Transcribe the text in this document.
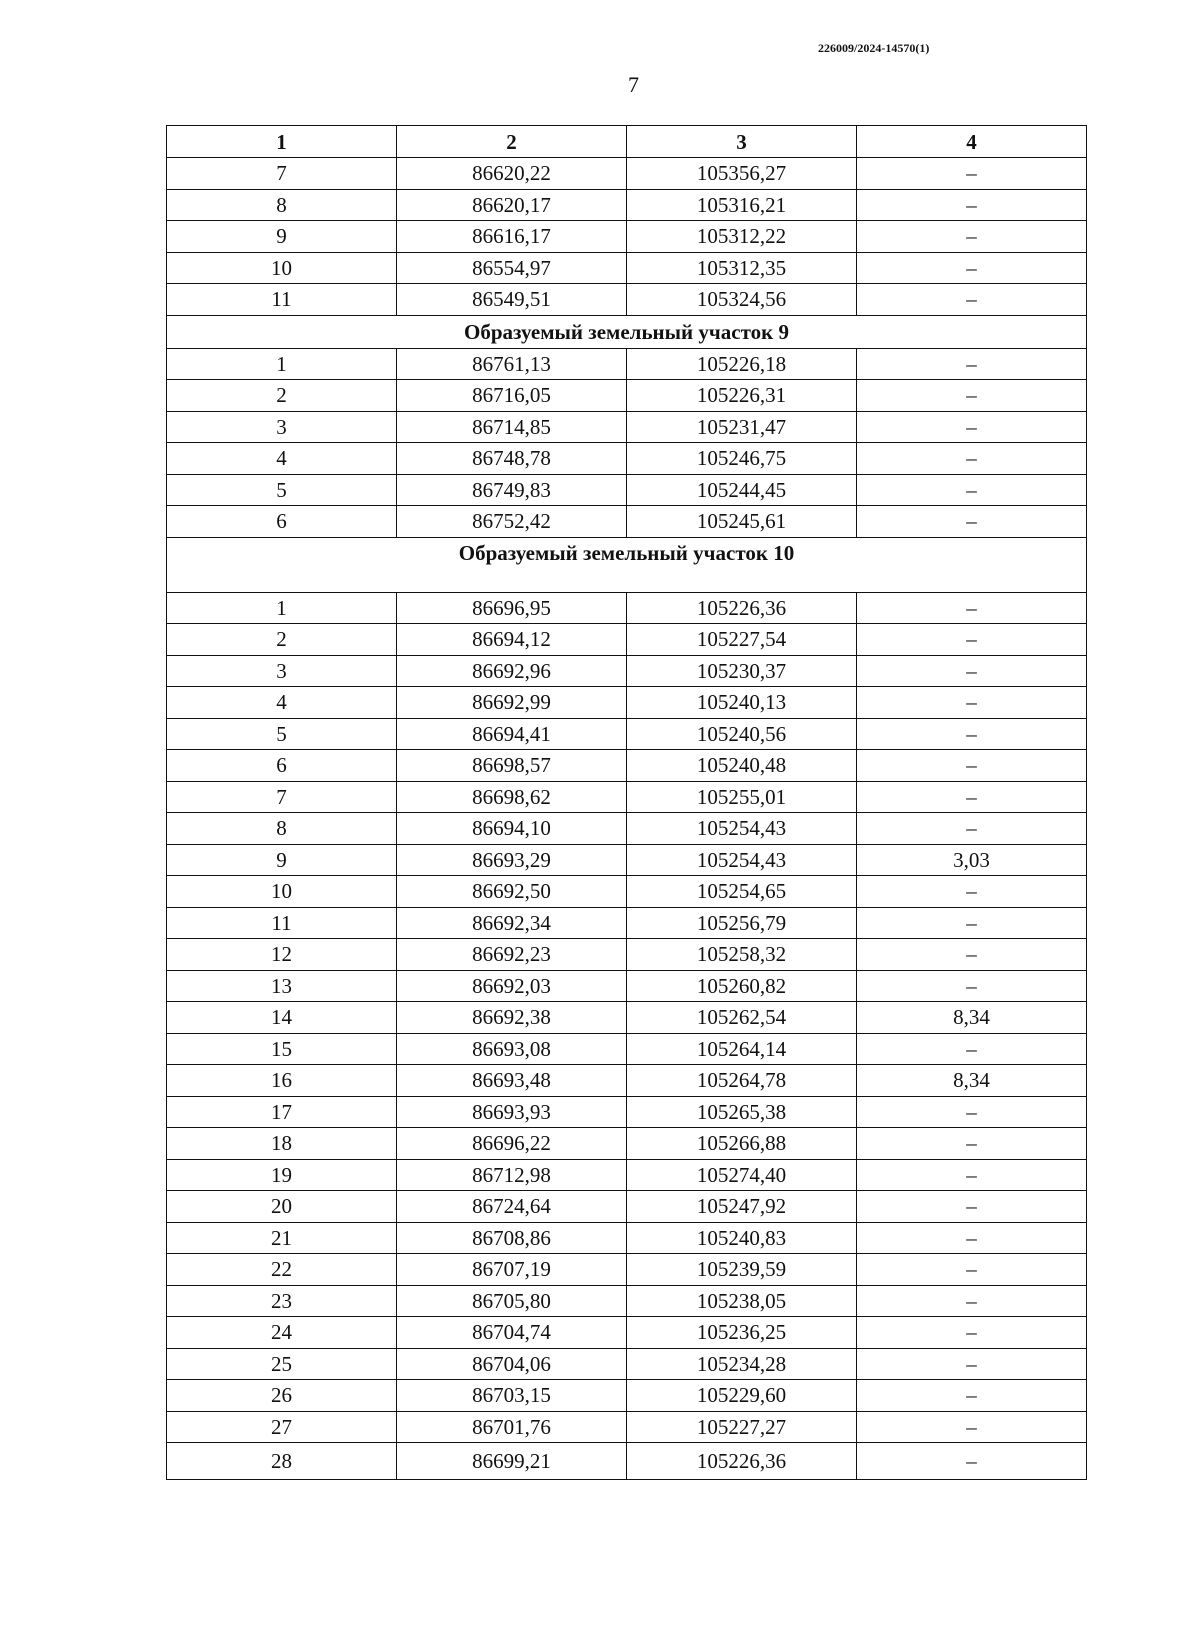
226009/2024-14570(1)
7
1	2	3	4
7	86620,22	105356,27	–
8	86620,17	105316,21	–
9	86616,17	105312,22	–
10	86554,97	105312,35	–
11	86549,51	105324,56	–
Образуемый земельный участок 9			
1	86761,13	105226,18	–
2	86716,05	105226,31	–
3	86714,85	105231,47	–
4	86748,78	105246,75	–
5	86749,83	105244,45	–
6	86752,42	105245,61	–
Образуемый земельный участок 10			
1	86696,95	105226,36	–
2	86694,12	105227,54	–
3	86692,96	105230,37	–
4	86692,99	105240,13	–
5	86694,41	105240,56	–
6	86698,57	105240,48	–
7	86698,62	105255,01	–
8	86694,10	105254,43	–
9	86693,29	105254,43	3,03
10	86692,50	105254,65	–
11	86692,34	105256,79	–
12	86692,23	105258,32	–
13	86692,03	105260,82	–
14	86692,38	105262,54	8,34
15	86693,08	105264,14	–
16	86693,48	105264,78	8,34
17	86693,93	105265,38	–
18	86696,22	105266,88	–
19	86712,98	105274,40	–
20	86724,64	105247,92	–
21	86708,86	105240,83	–
22	86707,19	105239,59	–
23	86705,80	105238,05	–
24	86704,74	105236,25	–
25	86704,06	105234,28	–
26	86703,15	105229,60	–
27	86701,76	105227,27	–
28	86699,21	105226,36	–
